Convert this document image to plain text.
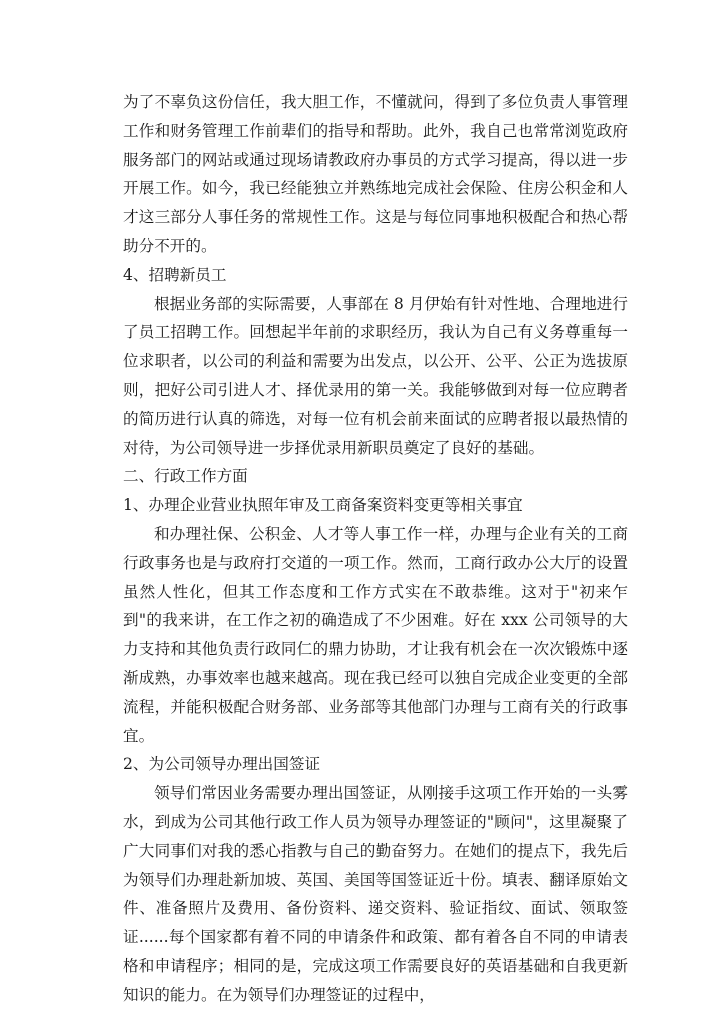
为了不辜负这份信任，我大胆工作，不懂就问，得到了多位负责人事管理工作和财务管理工作前辈们的指导和帮助。此外，我自己也常常浏览政府服务部门的网站或通过现场请教政府办事员的方式学习提高，得以进一步开展工作。如今，我已经能独立并熟练地完成社会保险、住房公积金和人才这三部分人事任务的常规性工作。这是与每位同事地积极配合和热心帮助分不开的。

4、招聘新员工

根据业务部的实际需要，人事部在 8 月伊始有针对性地、合理地进行了员工招聘工作。回想起半年前的求职经历，我认为自己有义务尊重每一位求职者，以公司的利益和需要为出发点，以公开、公平、公正为选拔原则，把好公司引进人才、择优录用的第一关。我能够做到对每一位应聘者的简历进行认真的筛选，对每一位有机会前来面试的应聘者报以最热情的对待，为公司领导进一步择优录用新职员奠定了良好的基础。

二、行政工作方面

1、办理企业营业执照年审及工商备案资料变更等相关事宜

和办理社保、公积金、人才等人事工作一样，办理与企业有关的工商行政事务也是与政府打交道的一项工作。然而，工商行政办公大厅的设置虽然人性化，但其工作态度和工作方式实在不敢恭维。这对于"初来乍到"的我来讲，在工作之初的确造成了不少困难。好在 xxx 公司领导的大力支持和其他负责行政同仁的鼎力协助，才让我有机会在一次次锻炼中逐渐成熟，办事效率也越来越高。现在我已经可以独自完成企业变更的全部流程，并能积极配合财务部、业务部等其他部门办理与工商有关的行政事宜。

2、为公司领导办理出国签证

领导们常因业务需要办理出国签证，从刚接手这项工作开始的一头雾水，到成为公司其他行政工作人员为领导办理签证的"顾问"，这里凝聚了广大同事们对我的悉心指教与自己的勤奋努力。在她们的提点下，我先后为领导们办理赴新加坡、英国、美国等国签证近十份。填表、翻译原始文件、准备照片及费用、备份资料、递交资料、验证指纹、面试、领取签证......每个国家都有着不同的申请条件和政策、都有着各自不同的申请表格和申请程序；相同的是，完成这项工作需要良好的英语基础和自我更新知识的能力。在为领导们办理签证的过程中，
